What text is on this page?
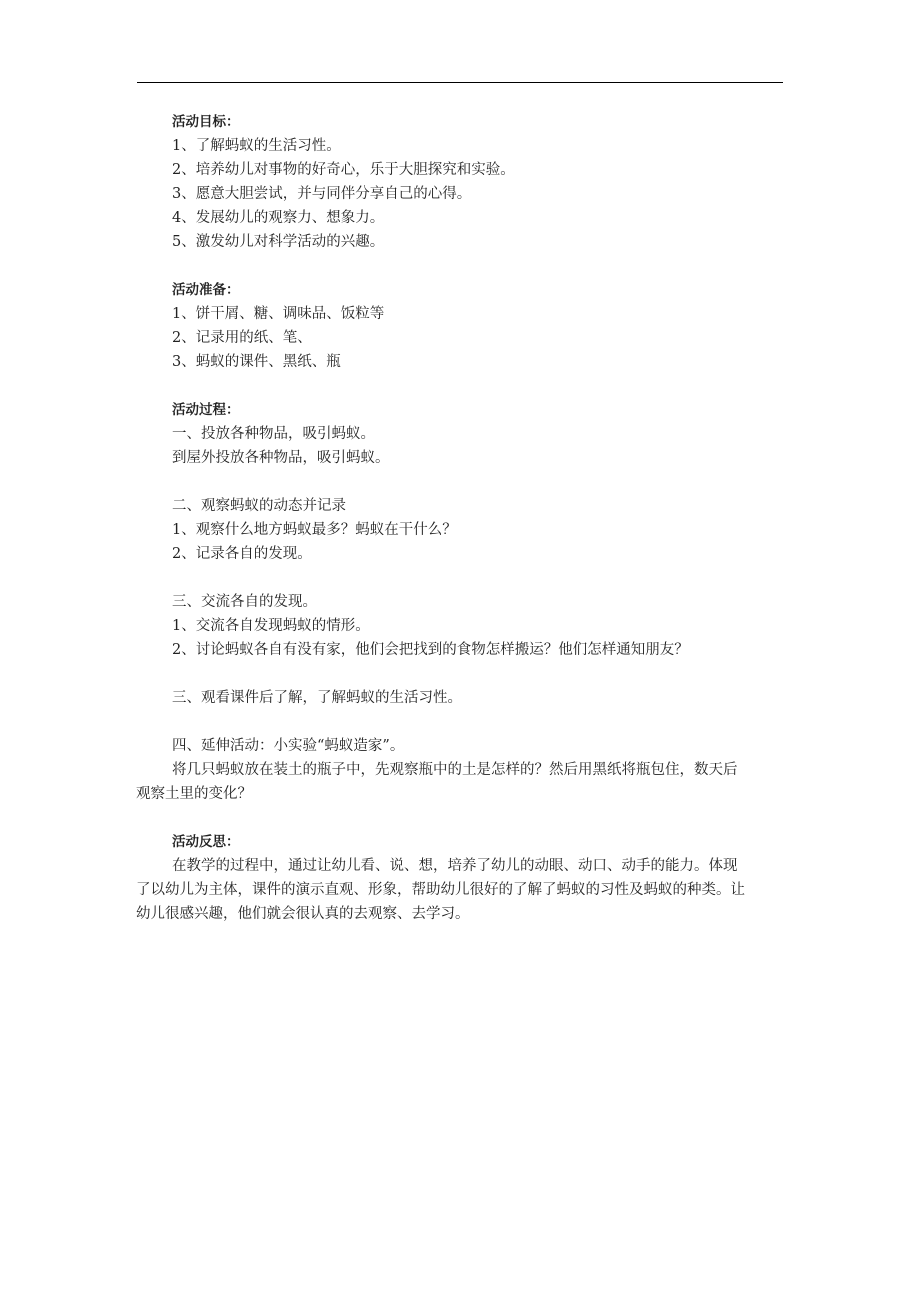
活动目标：
1、了解蚂蚁的生活习性。
2、培养幼儿对事物的好奇心，乐于大胆探究和实验。
3、愿意大胆尝试，并与同伴分享自己的心得。
4、发展幼儿的观察力、想象力。
5、激发幼儿对科学活动的兴趣。
活动准备：
1、饼干屑、糖、调味品、饭粒等
2、记录用的纸、笔、
3、蚂蚁的课件、黑纸、瓶
活动过程：
一、投放各种物品，吸引蚂蚁。
到屋外投放各种物品，吸引蚂蚁。
二、观察蚂蚁的动态并记录
1、观察什么地方蚂蚁最多？蚂蚁在干什么？
2、记录各自的发现。
三、交流各自的发现。
1、交流各自发现蚂蚁的情形。
2、讨论蚂蚁各自有没有家，他们会把找到的食物怎样搬运？他们怎样通知朋友？
三、观看课件后了解，了解蚂蚁的生活习性。
四、延伸活动：小实验“蚂蚁造家”。
将几只蚂蚁放在装土的瓶子中，先观察瓶中的土是怎样的？然后用黑纸将瓶包住，数天后观察土里的变化？
活动反思：
在教学的过程中，通过让幼儿看、说、想，培养了幼儿的动眼、动口、动手的能力。体现了以幼儿为主体，课件的演示直观、形象，帮助幼儿很好的了解了蚂蚁的习性及蚂蚁的种类。让幼儿很感兴趣，他们就会很认真的去观察、去学习。
